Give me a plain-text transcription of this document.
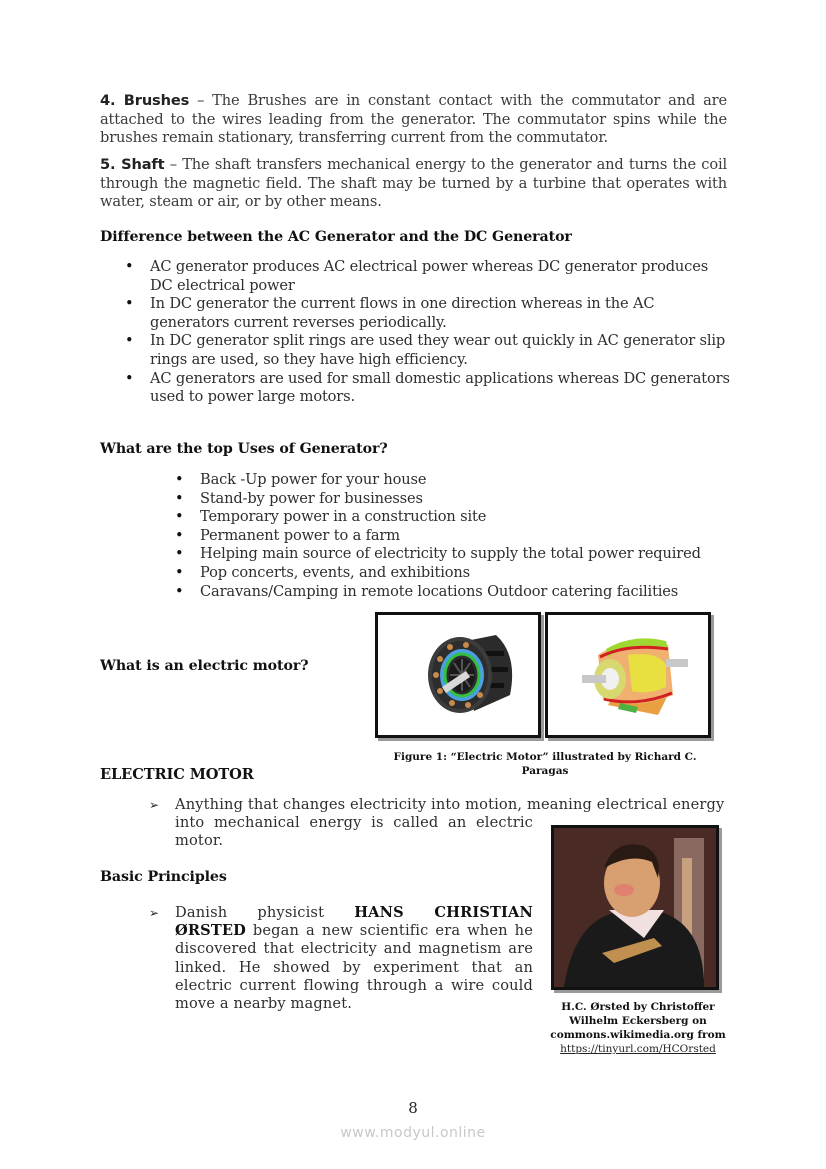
4. Brushes – The Brushes are in constant contact with the commutator and are attached to the wires leading from the generator. The commutator spins while the brushes remain stationary, transferring current from the commutator.

5. Shaft – The shaft transfers mechanical energy to the generator and turns the coil through the magnetic field. The shaft may be turned by a turbine that operates with water, steam or air, or by other means.

Difference between the AC Generator and the DC Generator
• AC generator produces AC electrical power whereas DC generator produces DC electrical power
• In DC generator the current flows in one direction whereas in the AC generators current reverses periodically.
• In DC generator split rings are used they wear out quickly in AC generator slip rings are used, so they have high efficiency.
• AC generators are used for small domestic applications whereas DC generators used to power large motors.
What are the top Uses of Generator?
• Back -Up power for your house
• Stand-by power for businesses
• Temporary power in a construction site
• Permanent power to a farm
• Helping main source of electricity to supply the total power required
• Pop concerts, events, and exhibitions
• Caravans/Camping in remote locations Outdoor catering facilities
What is an electric motor?
Figure 1: “Electric Motor” illustrated by Richard C.
Paragas
ELECTRIC MOTOR
➢ Anything that changes electricity into motion, meaning electrical energy
into mechanical energy is called an electric
motor.
Basic Principles
➢ Danish physicist HANS CHRISTIAN ØRSTED began a new scientific era when he discovered that electricity and magnetism are linked. He showed by experiment that an electric current flowing through a wire could move a nearby magnet.	H.C. Ørsted by Christoffer
Wilhelm Eckersberg on
commons.wikimedia.org from
https://tinyurl.com/HCOrsted
8
www.modyul.online
